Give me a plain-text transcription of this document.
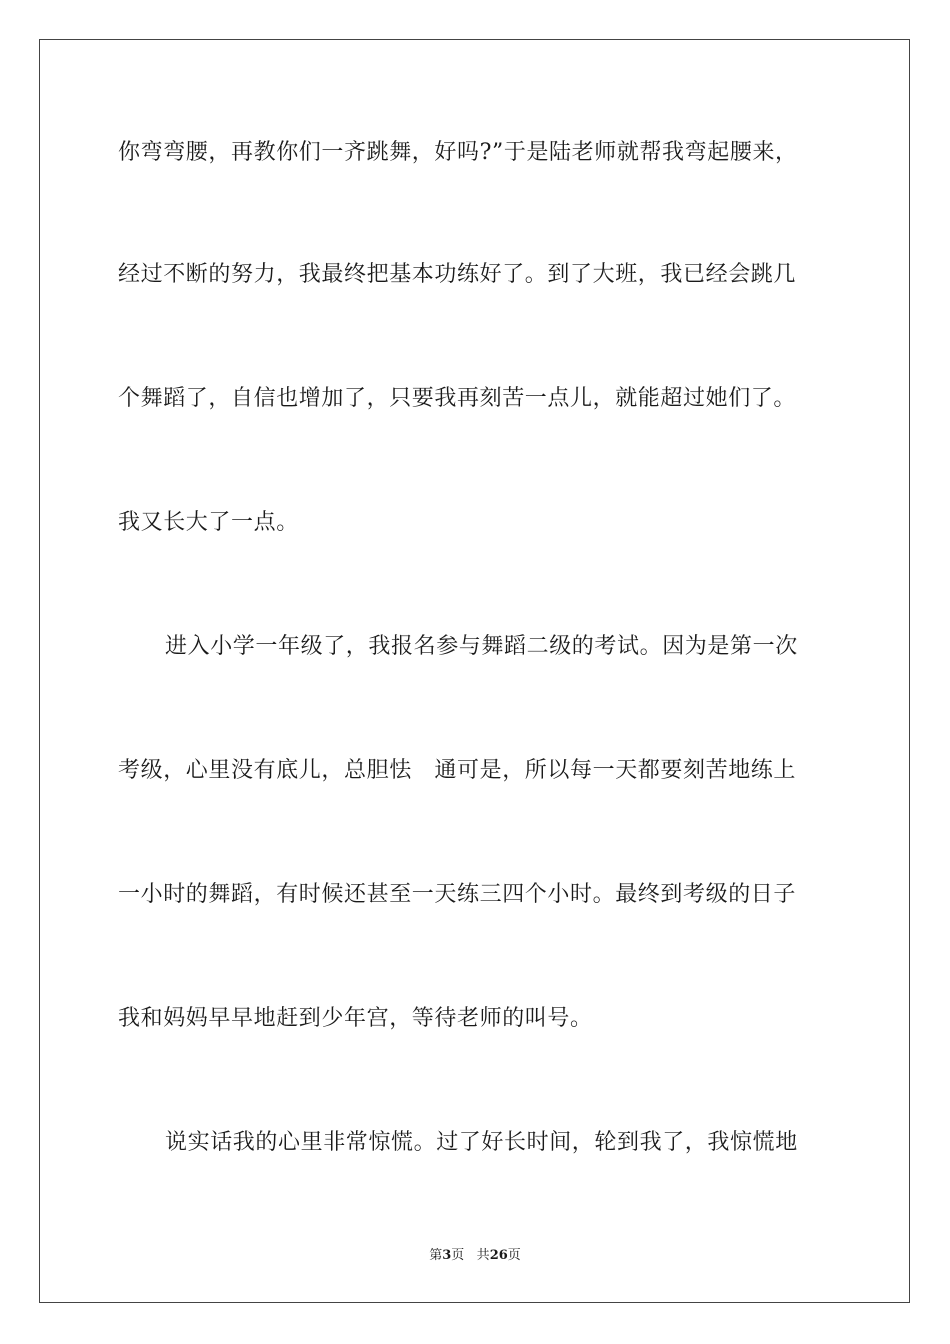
你弯弯腰，再教你们一齐跳舞，好吗?”于是陆老师就帮我弯起腰来，
经过不断的努力，我最终把基本功练好了。到了大班，我已经会跳几
个舞蹈了，自信也增加了，只要我再刻苦一点儿，就能超过她们了。
我又长大了一点。
进入小学一年级了，我报名参与舞蹈二级的考试。因为是第一次
考级，心里没有底儿，总胆怯　通可是，所以每一天都要刻苦地练上
一小时的舞蹈，有时候还甚至一天练三四个小时。最终到考级的日子
我和妈妈早早地赶到少年宫，等待老师的叫号。
说实话我的心里非常惊慌。过了好长时间，轮到我了，我惊慌地
第3页 共26页
